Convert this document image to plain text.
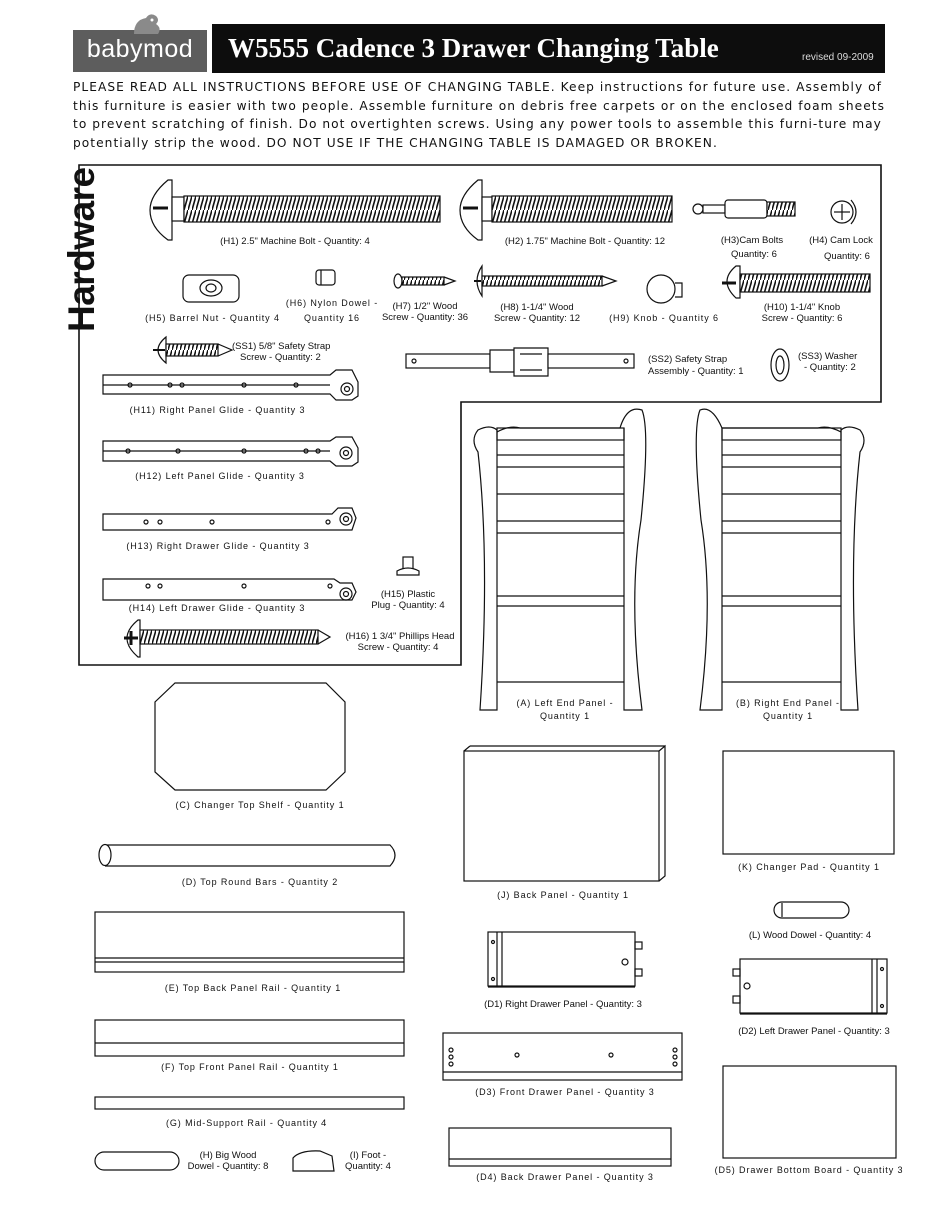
babymod	W5555 Cadence 3 Drawer Changing Table	revised 09-2009
PLEASE READ ALL INSTRUCTIONS BEFORE USE OF CHANGING TABLE. Keep instructions for future use. Assembly of this furniture is easier with two people. Assemble furniture on debris free carpets or on the enclosed foam sheets to prevent scratching of finish. Do not overtighten screws. Using any power tools to assemble this furni-ture may potentially strip the wood. DO NOT USE IF THE CHANGING TABLE IS DAMAGED OR BROKEN.
Hardware	(H1) 2.5" Machine Bolt - Quantity: 4	(H2) 1.75" Machine Bolt - Quantity: 12	(H3)Cam Bolts
Quantity: 6
(H4) Cam Lock
Quantity: 6
(H5) Barrel Nut - Quantity 4
(H6) Nylon Dowel -
Quantity 16
(H7) 1/2" Wood
Screw - Quantity: 36
(H8) 1-1/4" Wood
Screw - Quantity: 12	(H9) Knob - Quantity 6
(H10) 1-1/4" Knob
Screw - Quantity: 6
(SS1) 5/8" Safety Strap
Screw - Quantity: 2	(SS2) Safety Strap
Assembly - Quantity: 1
(SS3) Washer
- Quantity: 2
(H11) Right Panel Glide - Quantity 3
(H12) Left Panel Glide - Quantity 3
(H13) Right Drawer Glide - Quantity 3
(H14) Left Drawer Glide - Quantity 3
(H15) Plastic
Plug - Quantity: 4
(H16) 1 3/4" Phillips Head
Screw - Quantity: 4
(A) Left End Panel -
Quantity 1
(B) Right End Panel -
Quantity 1
(C) Changer Top Shelf - Quantity 1
(D) Top Round Bars - Quantity 2
(E) Top Back Panel Rail - Quantity 1
(F) Top Front Panel Rail - Quantity 1
(G) Mid-Support Rail - Quantity 4
(H) Big Wood
Dowel - Quantity: 8
(I) Foot -
Quantity: 4
(J) Back Panel - Quantity 1
(D1) Right Drawer Panel - Quantity: 3
(D2) Left Drawer Panel - Quantity: 3
(D3) Front Drawer Panel - Quantity 3
(D4) Back Drawer Panel - Quantity 3
(D5) Drawer Bottom Board - Quantity 3
(K) Changer Pad - Quantity 1
(L) Wood Dowel - Quantity: 4
